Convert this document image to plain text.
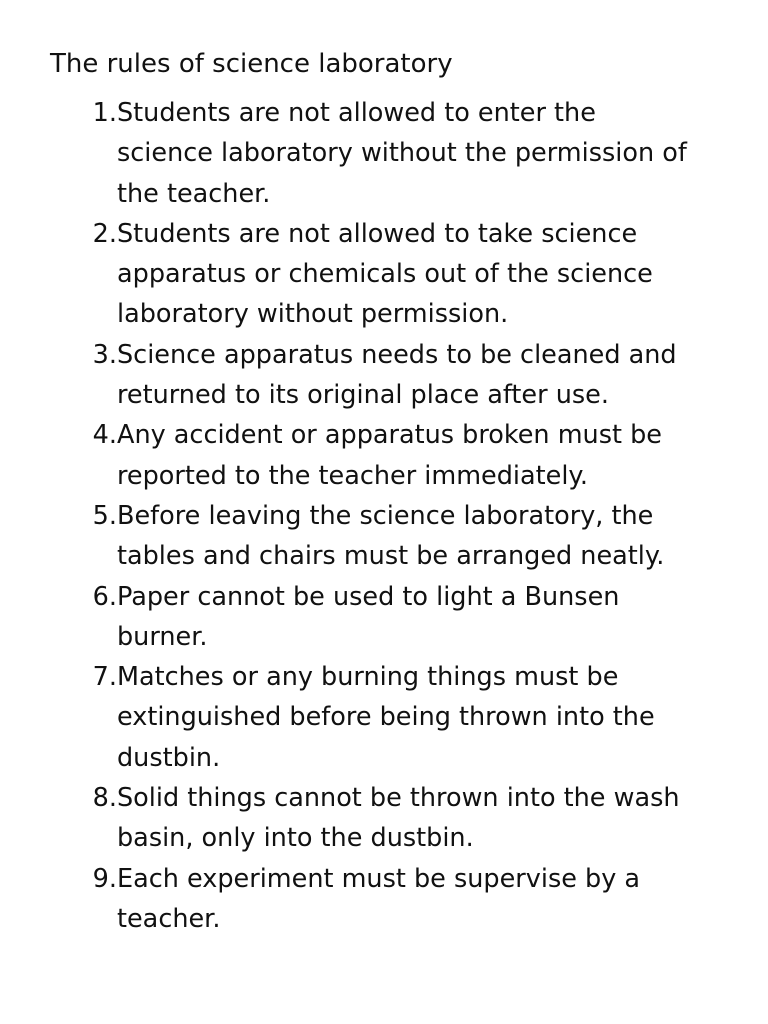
The rules of science laboratory
1. Students are not allowed to enter the
science laboratory without the permission of
the teacher.
2. Students are not allowed to take science
apparatus or chemicals out of the science
laboratory without permission.
3. Science apparatus needs to be cleaned and
returned to its original place after use.
4. Any accident or apparatus broken must be
reported to the teacher immediately.
5. Before leaving the science laboratory, the
tables and chairs must be arranged neatly.
6. Paper cannot be used to light a Bunsen
burner.
7. Matches or any burning things must be
extinguished before being thrown into the
dustbin.
8. Solid things cannot be thrown into the wash
basin, only into the dustbin.
9. Each experiment must be supervise by a
teacher.
